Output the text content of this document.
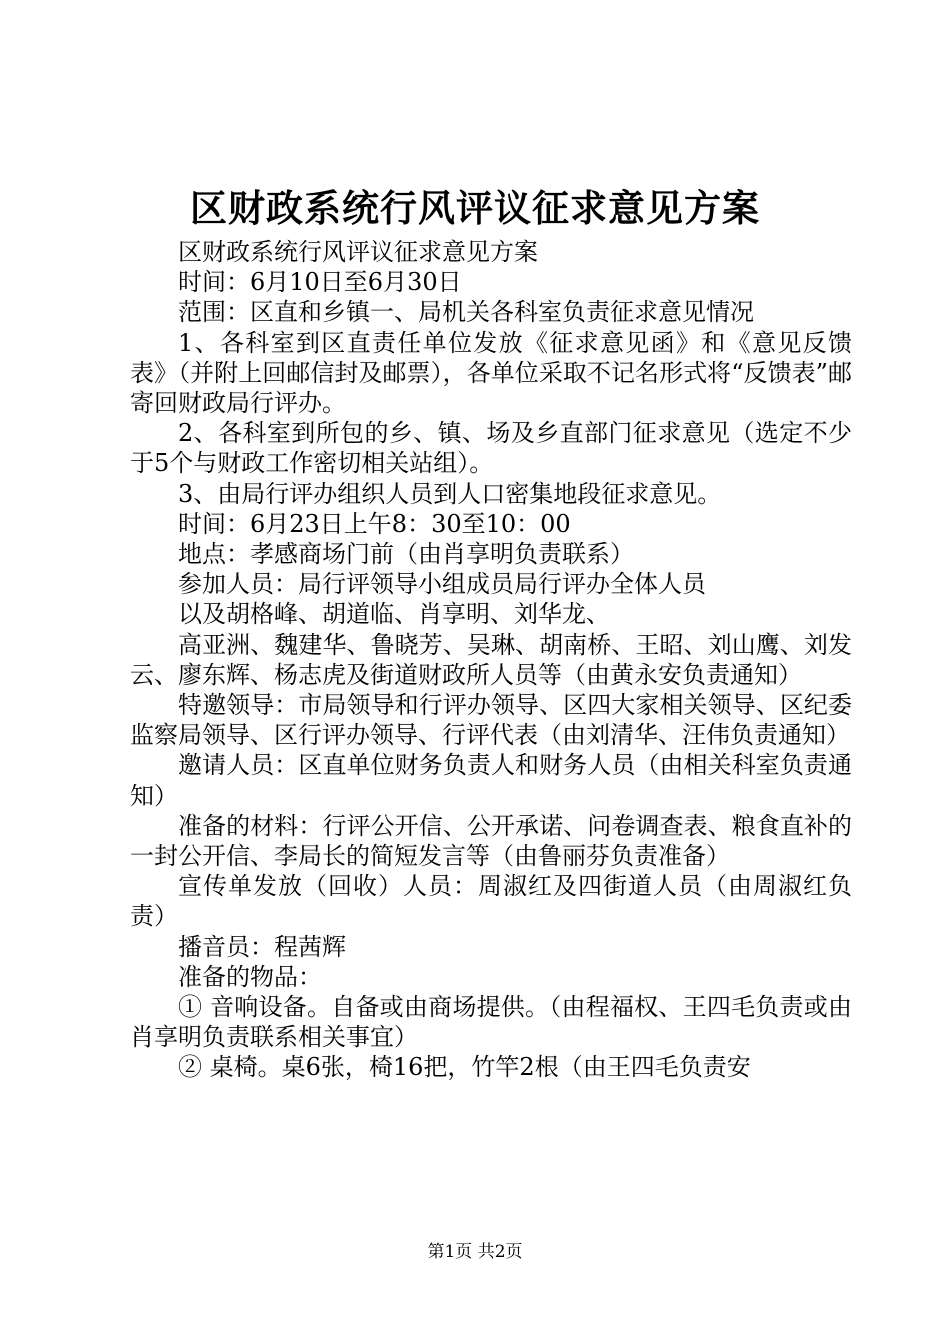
区财政系统行风评议征求意见方案

区财政系统行风评议征求意见方案

时间：6月10日至6月30日

范围：区直和乡镇一、局机关各科室负责征求意见情况

1、各科室到区直责任单位发放《征求意见函》和《意见反馈表》（并附上回邮信封及邮票），各单位采取不记名形式将“反馈表”邮寄回财政局行评办。

2、各科室到所包的乡、镇、场及乡直部门征求意见（选定不少于5个与财政工作密切相关站组）。

3、由局行评办组织人员到人口密集地段征求意见。

时间：6月23日上午8：30至10：00

地点：孝感商场门前（由肖享明负责联系）

参加人员：局行评领导小组成员局行评办全体人员

以及胡格峰、胡道临、肖享明、刘华龙、

高亚洲、魏建华、鲁晓芳、吴琳、胡南桥、王昭、刘山鹰、刘发云、廖东辉、杨志虎及街道财政所人员等（由黄永安负责通知）

特邀领导：市局领导和行评办领导、区四大家相关领导、区纪委监察局领导、区行评办领导、行评代表（由刘清华、汪伟负责通知）

邀请人员：区直单位财务负责人和财务人员（由相关科室负责通知）

准备的材料：行评公开信、公开承诺、问卷调查表、粮食直补的一封公开信、李局长的简短发言等（由鲁丽芬负责准备）

宣传单发放（回收）人员：周淑红及四街道人员（由周淑红负责）

播音员：程茜辉

准备的物品：

① 音响设备。自备或由商场提供。（由程福权、王四毛负责或由肖享明负责联系相关事宜）

② 桌椅。桌6张，椅16把，竹竿2根（由王四毛负责安

第1页 共2页
